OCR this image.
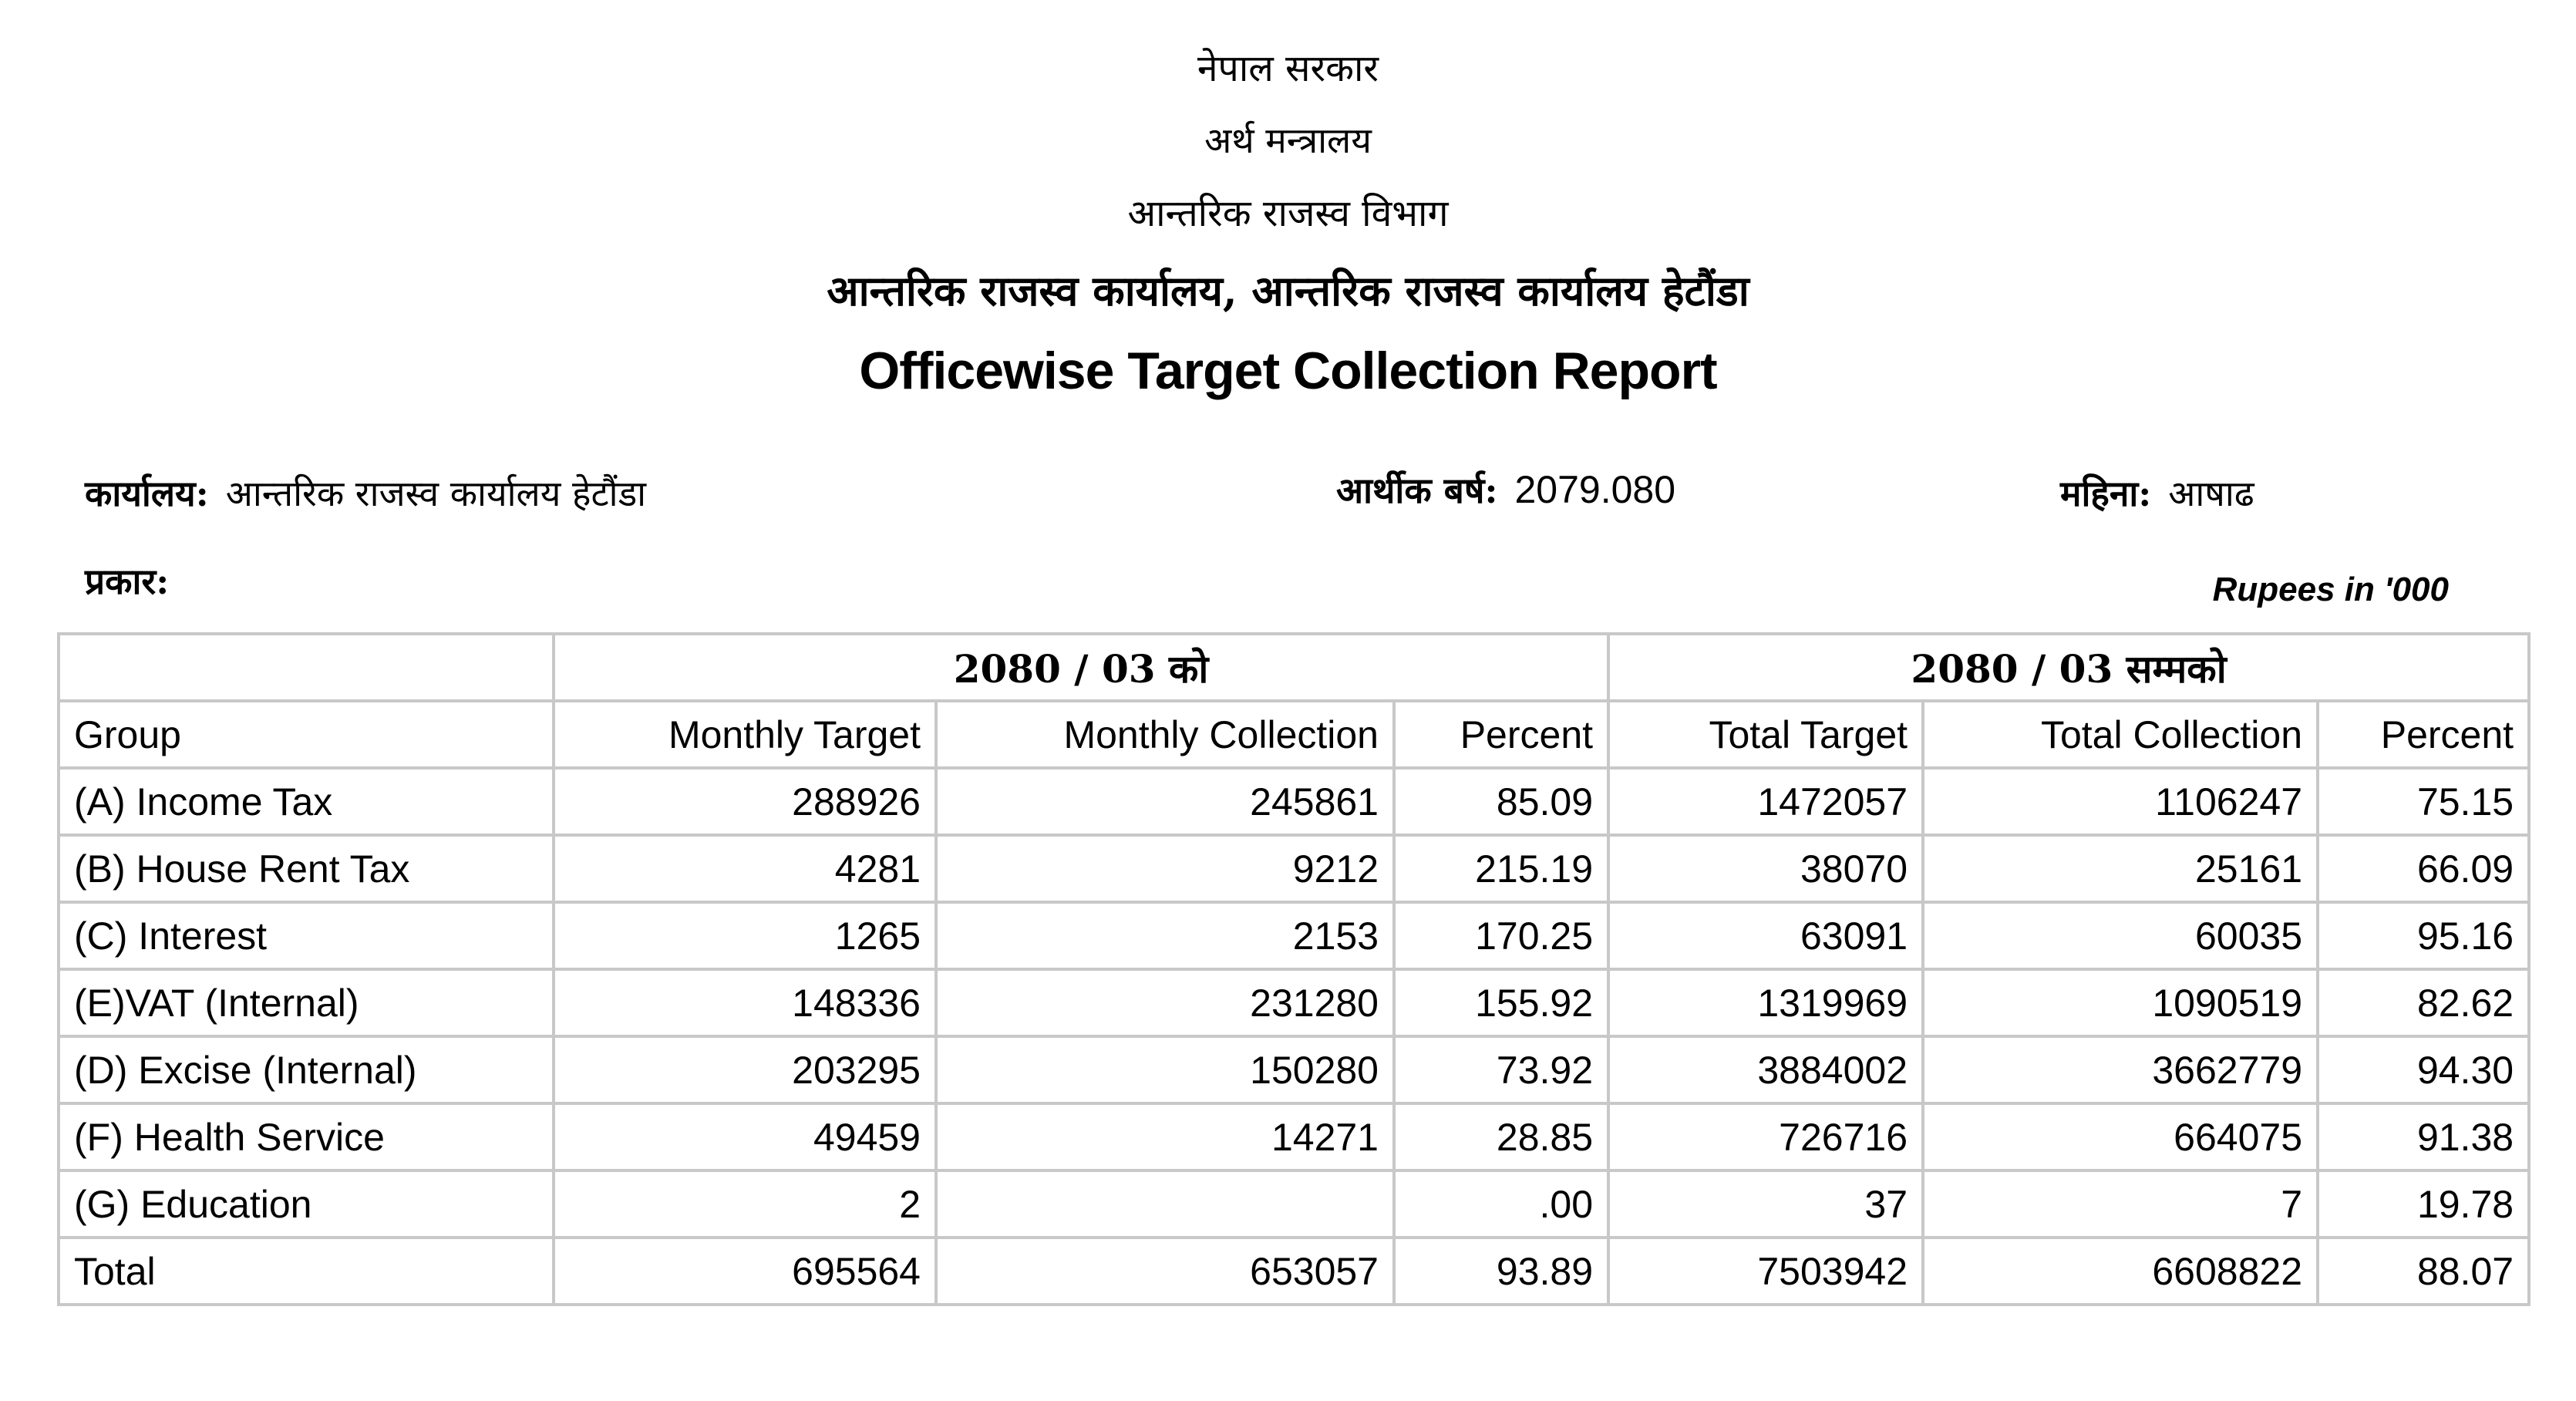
नेपाल सरकार
अर्थ मन्त्रालय
आन्तरिक राजस्व विभाग
आन्तरिक राजस्व कार्यालय, आन्तरिक राजस्व कार्यालय हेटौंडा
Officewise Target Collection Report
कार्यालय: आन्तरिक राजस्व कार्यालय हेटौंडा	आर्थीक बर्ष: 2079.080	महिना: आषाढ
प्रकार:	Rupees in '000
	2080 / 03 को			2080 / 03 सम्मको		
Group	Monthly Target	Monthly Collection	Percent	Total Target	Total Collection	Percent
(A) Income Tax	288926	245861	85.09	1472057	1106247	75.15
(B) House Rent Tax	4281	9212	215.19	38070	25161	66.09
(C) Interest	1265	2153	170.25	63091	60035	95.16
(E)VAT (Internal)	148336	231280	155.92	1319969	1090519	82.62
(D) Excise (Internal)	203295	150280	73.92	3884002	3662779	94.30
(F) Health Service	49459	14271	28.85	726716	664075	91.38
(G) Education	2		.00	37	7	19.78
Total	695564	653057	93.89	7503942	6608822	88.07
